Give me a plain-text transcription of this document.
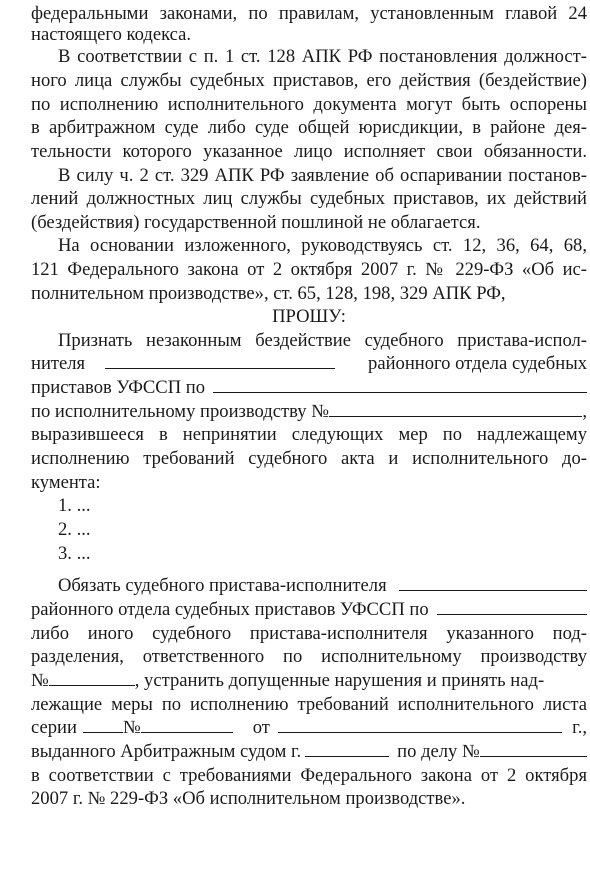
федеральными законами, по правилам, установленным главой 24
настоящего кодекса.
В соответствии с п. 1 ст. 128 АПК РФ постановления должност-
ного лица службы судебных приставов, его действия (бездействие)
по исполнению исполнительного документа могут быть оспорены
в арбитражном суде либо суде общей юрисдикции, в районе дея-
тельности которого указанное лицо исполняет свои обязанности.
В силу ч. 2 ст. 329 АПК РФ заявление об оспаривании постанов-
лений должностных лиц службы судебных приставов, их действий
(бездействия) государственной пошлиной не облагается.
На основании изложенного, руководствуясь ст. 12, 36, 64, 68,
121 Федерального закона от 2 октября 2007 г. № 229-ФЗ «Об ис-
полнительном производстве», ст. 65, 128, 198, 329 АПК РФ,
ПРОШУ:
Признать незаконным бездействие судебного пристава-испол-
нителя	районного отдела судебных
приставов УФССП по
по исполнительному производству №	,
выразившееся в непринятии следующих мер по надлежащему
исполнению требований судебного акта и исполнительного до-
кумента:
1. ...
2. ...
3. ...
Обязать судебного пристава-исполнителя
районного отдела судебных приставов УФССП по
либо иного судебного пристава-исполнителя указанного под-
разделения, ответственного по исполнительному производству
№	, устранить допущенные нарушения и принять над-
лежащие меры по исполнению требований исполнительного листа
серии №	от	г.,
выданного Арбитражным судом г.	по делу №
в соответствии с требованиями Федерального закона от 2 октября
2007 г. № 229-ФЗ «Об исполнительном производстве».
